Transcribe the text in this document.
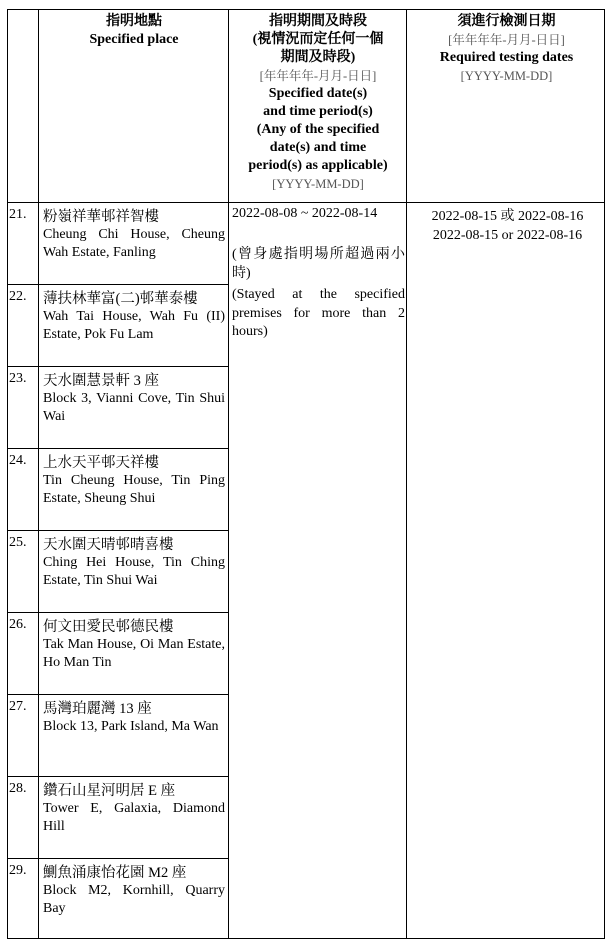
指明地點
Specified place
指明期間及時段
(視情況而定任何一個
期間及時段)
[年年年年-月月-日日]
Specified date(s)
and time period(s)
(Any of the specified
date(s) and time
period(s) as applicable)
[YYYY-MM-DD]
須進行檢測日期
[年年年年-月月-日日]
Required testing dates
[YYYY-MM-DD]
21. 粉嶺祥華邨祥智樓
Cheung Chi House, Cheung Wah Estate, Fanling
22. 薄扶林華富(二)邨華泰樓
Wah Tai House, Wah Fu (II) Estate, Pok Fu Lam
23. 天水圍慧景軒 3 座
Block 3, Vianni Cove, Tin Shui Wai
24. 上水天平邨天祥樓
Tin Cheung House, Tin Ping Estate, Sheung Shui
25. 天水圍天晴邨晴喜樓
Ching Hei House, Tin Ching Estate, Tin Shui Wai
26. 何文田愛民邨德民樓
Tak Man House, Oi Man Estate, Ho Man Tin
27. 馬灣珀麗灣 13 座
Block 13, Park Island, Ma Wan
28. 鑽石山星河明居 E 座
Tower E, Galaxia, Diamond Hill
29. 鰂魚涌康怡花園 M2 座
Block M2, Kornhill, Quarry Bay
2022-08-08 ~ 2022-08-14
(曾身處指明場所超過兩小時)
(Stayed at the specified premises for more than 2 hours)
2022-08-15 或 2022-08-16
2022-08-15 or 2022-08-16
